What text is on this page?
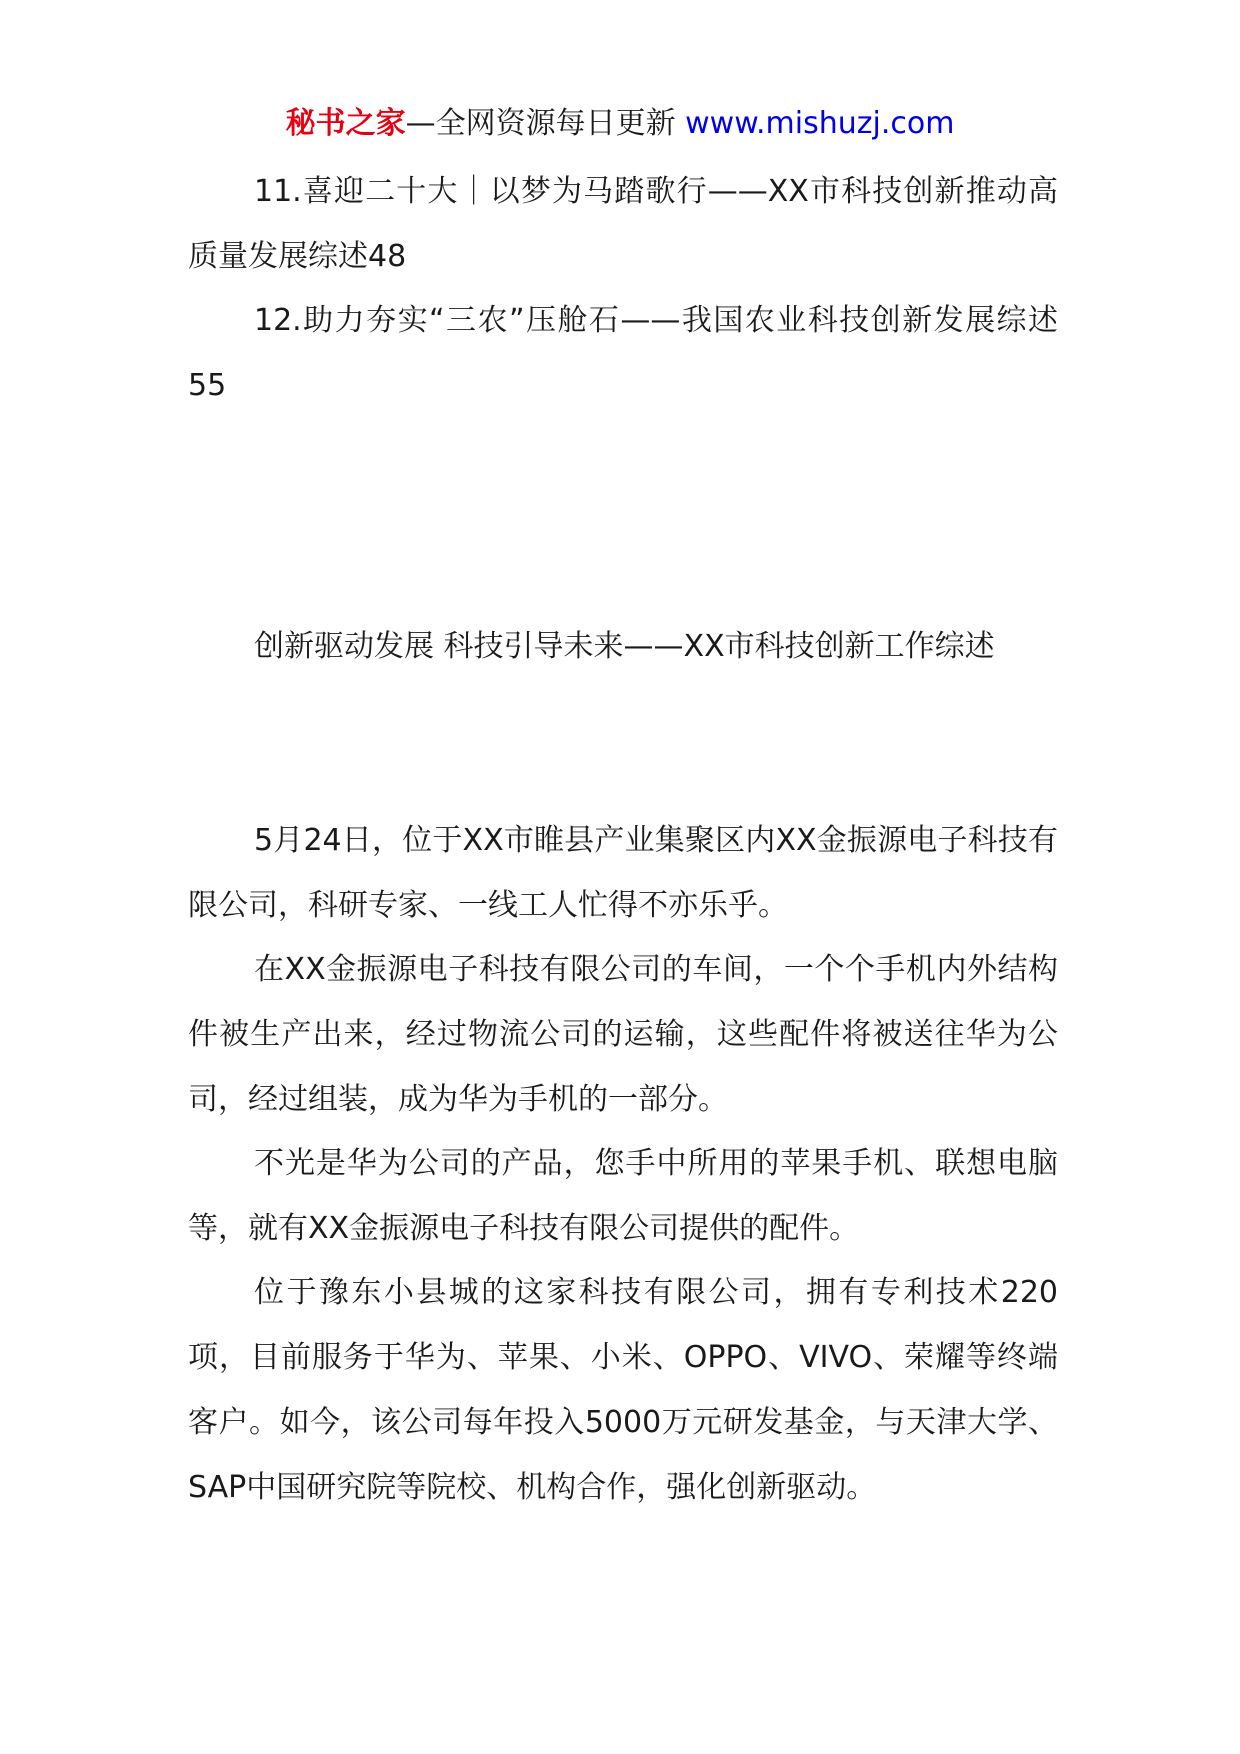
秘书之家—全网资源每日更新 www.mishuzj.com

11.喜迎二十大｜以梦为马踏歌行——XX市科技创新推动高质量发展综述48

12.助力夯实“三农”压舱石——我国农业科技创新发展综述　55

创新驱动发展 科技引导未来——XX市科技创新工作综述

5月24日，位于XX市睢县产业集聚区内XX金振源电子科技有限公司，科研专家、一线工人忙得不亦乐乎。

在XX金振源电子科技有限公司的车间，一个个手机内外结构件被生产出来，经过物流公司的运输，这些配件将被送往华为公司，经过组装，成为华为手机的一部分。

不光是华为公司的产品，您手中所用的苹果手机、联想电脑等，就有XX金振源电子科技有限公司提供的配件。

位于豫东小县城的这家科技有限公司，拥有专利技术220项，目前服务于华为、苹果、小米、OPPO、VIVO、荣耀等终端客户。如今，该公司每年投入5000万元研发基金，与天津大学、SAP中国研究院等院校、机构合作，强化创新驱动。
